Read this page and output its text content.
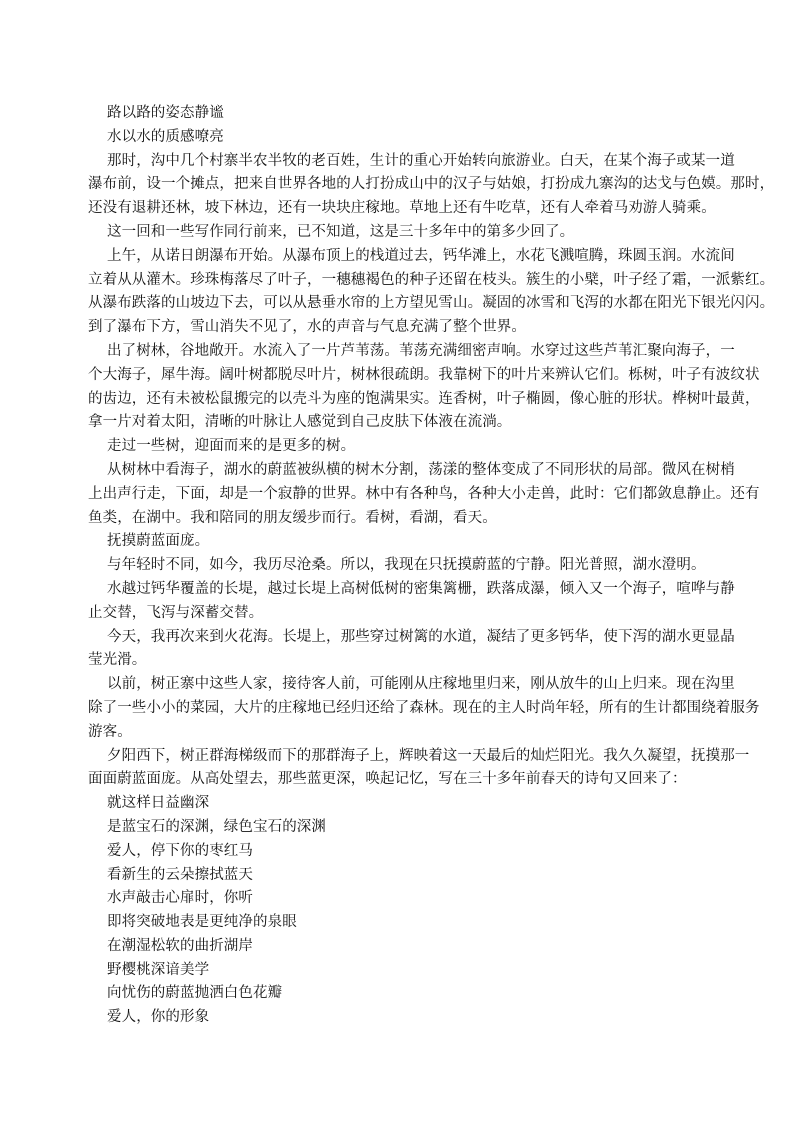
路以路的姿态静谧
水以水的质感嘹亮
那时，沟中几个村寨半农半牧的老百姓，生计的重心开始转向旅游业。白天，在某个海子或某一道
瀑布前，设一个摊点，把来自世界各地的人打扮成山中的汉子与姑娘，打扮成九寨沟的达戈与色嫫。那时，
还没有退耕还林，坡下林边，还有一块块庄稼地。草地上还有牛吃草，还有人牵着马劝游人骑乘。
这一回和一些写作同行前来，已不知道，这是三十多年中的第多少回了。
上午，从诺日朗瀑布开始。从瀑布顶上的栈道过去，钙华滩上，水花飞溅喧腾，珠圆玉润。水流间
立着从从灌木。珍珠梅落尽了叶子，一穗穗褐色的种子还留在枝头。簇生的小檗，叶子经了霜，一派紫红。
从瀑布跌落的山坡边下去，可以从悬垂水帘的上方望见雪山。凝固的冰雪和飞泻的水都在阳光下银光闪闪。
到了瀑布下方，雪山消失不见了，水的声音与气息充满了整个世界。
出了树林，谷地敞开。水流入了一片芦苇荡。苇荡充满细密声响。水穿过这些芦苇汇聚向海子，一
个大海子，犀牛海。阔叶树都脱尽叶片，树林很疏朗。我靠树下的叶片来辨认它们。栎树，叶子有波纹状
的齿边，还有未被松鼠搬完的以壳斗为座的饱满果实。连香树，叶子椭圆，像心脏的形状。桦树叶最黄，
拿一片对着太阳，清晰的叶脉让人感觉到自己皮肤下体液在流淌。
走过一些树，迎面而来的是更多的树。
从树林中看海子，湖水的蔚蓝被纵横的树木分割，荡漾的整体变成了不同形状的局部。微风在树梢
上出声行走，下面，却是一个寂静的世界。林中有各种鸟，各种大小走兽，此时：它们都敛息静止。还有
鱼类，在湖中。我和陪同的朋友缓步而行。看树，看湖，看天。
抚摸蔚蓝面庞。
与年轻时不同，如今，我历尽沧桑。所以，我现在只抚摸蔚蓝的宁静。阳光普照，湖水澄明。
水越过钙华覆盖的长堤，越过长堤上高树低树的密集篱栅，跌落成瀑，倾入又一个海子，喧哗与静
止交替，飞泻与深蓄交替。
今天，我再次来到火花海。长堤上，那些穿过树篱的水道，凝结了更多钙华，使下泻的湖水更显晶
莹光滑。
以前，树正寨中这些人家，接待客人前，可能刚从庄稼地里归来，刚从放牛的山上归来。现在沟里
除了一些小小的菜园，大片的庄稼地已经归还给了森林。现在的主人时尚年轻，所有的生计都围绕着服务
游客。
夕阳西下，树正群海梯级而下的那群海子上，辉映着这一天最后的灿烂阳光。我久久凝望，抚摸那一
面面蔚蓝面庞。从高处望去，那些蓝更深，唤起记忆，写在三十多年前春天的诗句又回来了：
就这样日益幽深
是蓝宝石的深渊，绿色宝石的深渊
爱人，停下你的枣红马
看新生的云朵擦拭蓝天
水声敲击心扉时，你听
即将突破地表是更纯净的泉眼
在潮湿松软的曲折湖岸
野樱桃深谙美学
向忧伤的蔚蓝抛洒白色花瓣
爱人，你的形象
